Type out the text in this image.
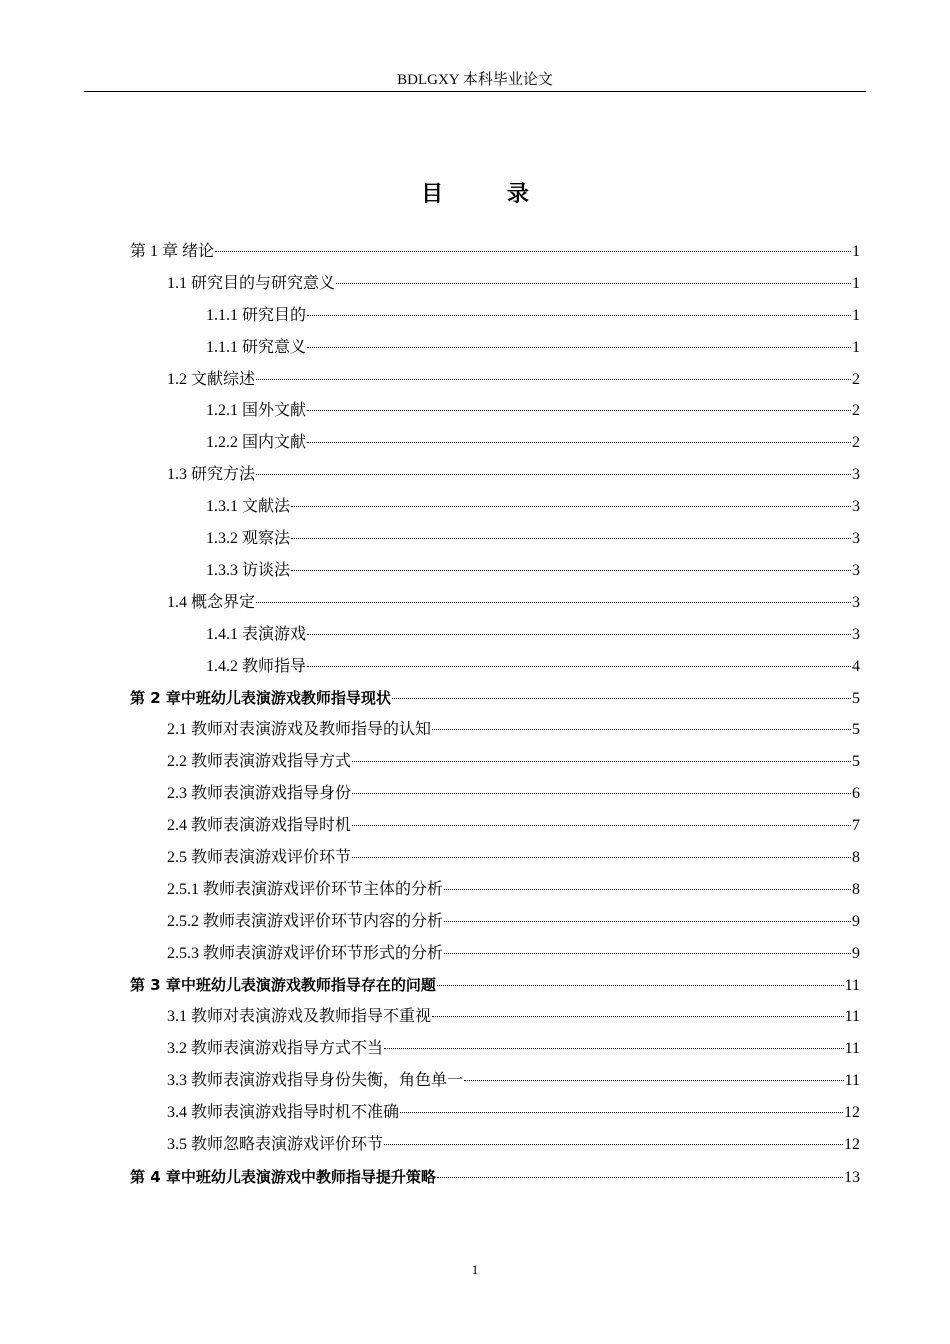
BDLGXY 本科毕业论文
目 录
第 1 章 绪论	1
1.1 研究目的与研究意义	1
1.1.1 研究目的	1
1.1.1 研究意义	1
1.2 文献综述	2
1.2.1 国外文献	2
1.2.2 国内文献	2
1.3 研究方法	3
1.3.1 文献法	3
1.3.2 观察法	3
1.3.3 访谈法	3
1.4 概念界定	3
1.4.1 表演游戏	3
1.4.2 教师指导	4
第 2 章中班幼儿表演游戏教师指导现状	5
2.1 教师对表演游戏及教师指导的认知	5
2.2 教师表演游戏指导方式	5
2.3 教师表演游戏指导身份	6
2.4 教师表演游戏指导时机	7
2.5 教师表演游戏评价环节	8
2.5.1 教师表演游戏评价环节主体的分析	8
2.5.2 教师表演游戏评价环节内容的分析	9
2.5.3 教师表演游戏评价环节形式的分析	9
第 3 章中班幼儿表演游戏教师指导存在的问题	11
3.1 教师对表演游戏及教师指导不重视	11
3.2 教师表演游戏指导方式不当	11
3.3 教师表演游戏指导身份失衡，角色单一	11
3.4 教师表演游戏指导时机不准确	12
3.5 教师忽略表演游戏评价环节	12
第 4 章中班幼儿表演游戏中教师指导提升策略	13
1
